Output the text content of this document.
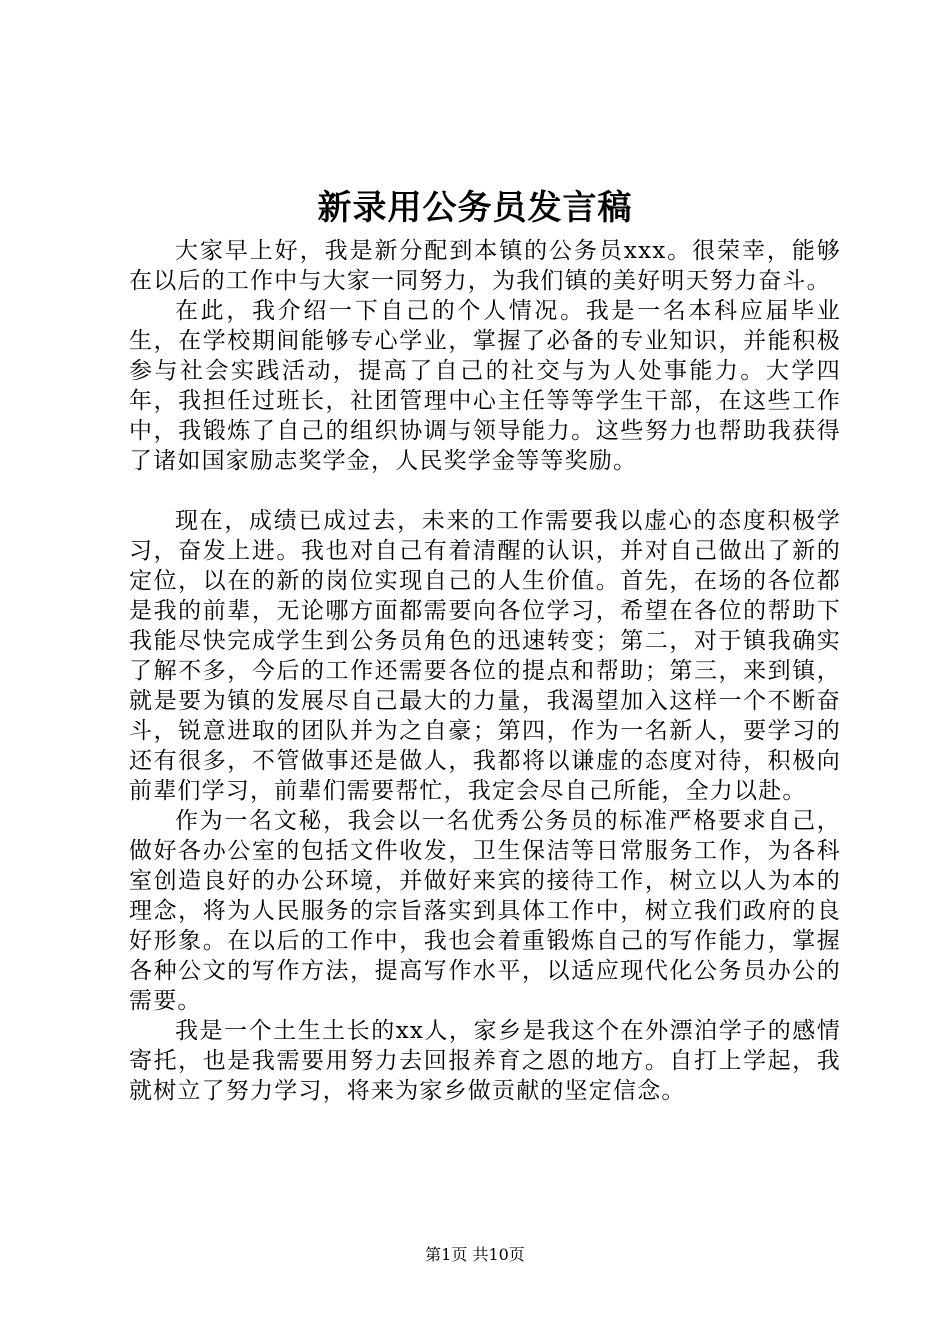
新录用公务员发言稿

大家早上好，我是新分配到本镇的公务员xxx。很荣幸，能够在以后的工作中与大家一同努力，为我们镇的美好明天努力奋斗。

在此，我介绍一下自己的个人情况。我是一名本科应届毕业生，在学校期间能够专心学业，掌握了必备的专业知识，并能积极参与社会实践活动，提高了自己的社交与为人处事能力。大学四年，我担任过班长，社团管理中心主任等等学生干部，在这些工作中，我锻炼了自己的组织协调与领导能力。这些努力也帮助我获得了诸如国家励志奖学金，人民奖学金等等奖励。

现在，成绩已成过去，未来的工作需要我以虚心的态度积极学习，奋发上进。我也对自己有着清醒的认识，并对自己做出了新的定位，以在的新的岗位实现自己的人生价值。首先，在场的各位都是我的前辈，无论哪方面都需要向各位学习，希望在各位的帮助下我能尽快完成学生到公务员角色的迅速转变；第二，对于镇我确实了解不多，今后的工作还需要各位的提点和帮助；第三，来到镇，就是要为镇的发展尽自己最大的力量，我渴望加入这样一个不断奋斗，锐意进取的团队并为之自豪；第四，作为一名新人，要学习的还有很多，不管做事还是做人，我都将以谦虚的态度对待，积极向前辈们学习，前辈们需要帮忙，我定会尽自己所能，全力以赴。

作为一名文秘，我会以一名优秀公务员的标准严格要求自己，做好各办公室的包括文件收发，卫生保洁等日常服务工作，为各科室创造良好的办公环境，并做好来宾的接待工作，树立以人为本的理念，将为人民服务的宗旨落实到具体工作中，树立我们政府的良好形象。在以后的工作中，我也会着重锻炼自己的写作能力，掌握各种公文的写作方法，提高写作水平，以适应现代化公务员办公的需要。

我是一个土生土长的xx人，家乡是我这个在外漂泊学子的感情寄托，也是我需要用努力去回报养育之恩的地方。自打上学起，我就树立了努力学习，将来为家乡做贡献的坚定信念。

第1页 共10页
